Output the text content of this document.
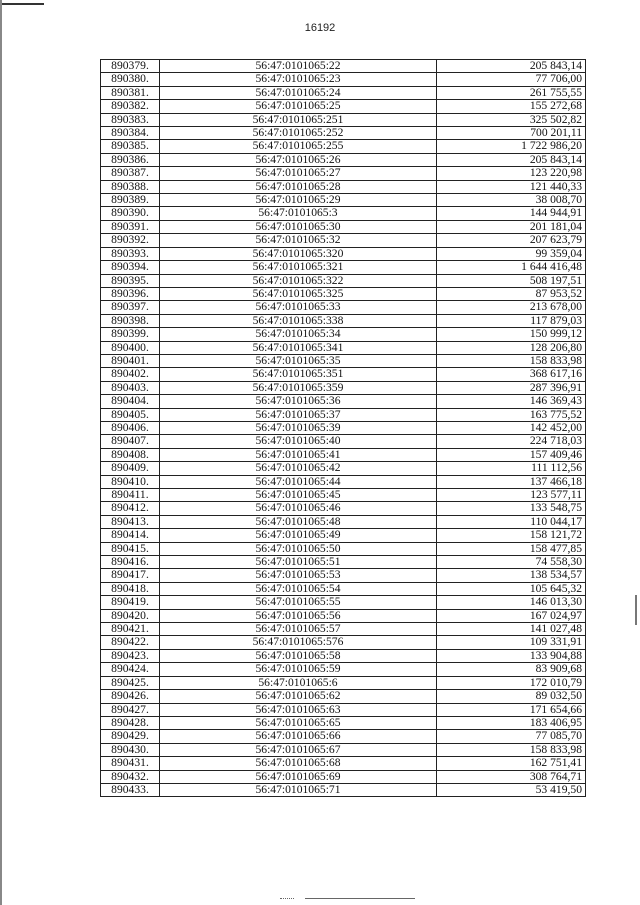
16192
890379.	56:47:0101065:22	205 843,14
890380.	56:47:0101065:23	77 706,00
890381.	56:47:0101065:24	261 755,55
890382.	56:47:0101065:25	155 272,68
890383.	56:47:0101065:251	325 502,82
890384.	56:47:0101065:252	700 201,11
890385.	56:47:0101065:255	1 722 986,20
890386.	56:47:0101065:26	205 843,14
890387.	56:47:0101065:27	123 220,98
890388.	56:47:0101065:28	121 440,33
890389.	56:47:0101065:29	38 008,70
890390.	56:47:0101065:3	144 944,91
890391.	56:47:0101065:30	201 181,04
890392.	56:47:0101065:32	207 623,79
890393.	56:47:0101065:320	99 359,04
890394.	56:47:0101065:321	1 644 416,48
890395.	56:47:0101065:322	508 197,51
890396.	56:47:0101065:325	87 953,52
890397.	56:47:0101065:33	213 678,00
890398.	56:47:0101065:338	117 879,03
890399.	56:47:0101065:34	150 999,12
890400.	56:47:0101065:341	128 206,80
890401.	56:47:0101065:35	158 833,98
890402.	56:47:0101065:351	368 617,16
890403.	56:47:0101065:359	287 396,91
890404.	56:47:0101065:36	146 369,43
890405.	56:47:0101065:37	163 775,52
890406.	56:47:0101065:39	142 452,00
890407.	56:47:0101065:40	224 718,03
890408.	56:47:0101065:41	157 409,46
890409.	56:47:0101065:42	111 112,56
890410.	56:47:0101065:44	137 466,18
890411.	56:47:0101065:45	123 577,11
890412.	56:47:0101065:46	133 548,75
890413.	56:47:0101065:48	110 044,17
890414.	56:47:0101065:49	158 121,72
890415.	56:47:0101065:50	158 477,85
890416.	56:47:0101065:51	74 558,30
890417.	56:47:0101065:53	138 534,57
890418.	56:47:0101065:54	105 645,32
890419.	56:47:0101065:55	146 013,30
890420.	56:47:0101065:56	167 024,97
890421.	56:47:0101065:57	141 027,48
890422.	56:47:0101065:576	109 331,91
890423.	56:47:0101065:58	133 904,88
890424.	56:47:0101065:59	83 909,68
890425.	56:47:0101065:6	172 010,79
890426.	56:47:0101065:62	89 032,50
890427.	56:47:0101065:63	171 654,66
890428.	56:47:0101065:65	183 406,95
890429.	56:47:0101065:66	77 085,70
890430.	56:47:0101065:67	158 833,98
890431.	56:47:0101065:68	162 751,41
890432.	56:47:0101065:69	308 764,71
890433.	56:47:0101065:71	53 419,50
